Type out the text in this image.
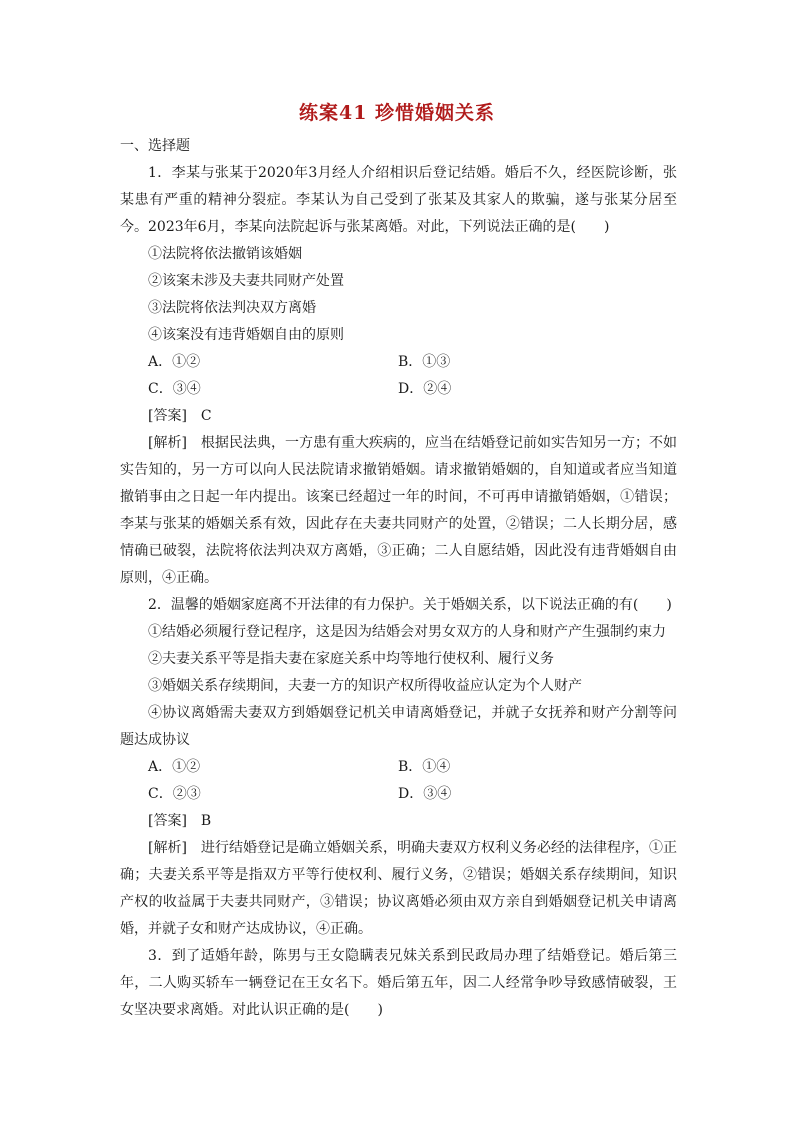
练案41 珍惜婚姻关系

一、选择题

1．李某与张某于2020年3月经人介绍相识后登记结婚。婚后不久，经医院诊断，张某患有严重的精神分裂症。李某认为自己受到了张某及其家人的欺骗，遂与张某分居至今。2023年6月，李某向法院起诉与张某离婚。对此，下列说法正确的是(　　)

①法院将依法撤销该婚姻

②该案未涉及夫妻共同财产处置

③法院将依法判决双方离婚

④该案没有违背婚姻自由的原则

A．①②	B．①③
C．③④	D．②④

[答案]　C

[解析]　根据民法典，一方患有重大疾病的，应当在结婚登记前如实告知另一方；不如实告知的，另一方可以向人民法院请求撤销婚姻。请求撤销婚姻的，自知道或者应当知道撤销事由之日起一年内提出。该案已经超过一年的时间，不可再申请撤销婚姻，①错误；李某与张某的婚姻关系有效，因此存在夫妻共同财产的处置，②错误；二人长期分居，感情确已破裂，法院将依法判决双方离婚，③正确；二人自愿结婚，因此没有违背婚姻自由原则，④正确。

2．温馨的婚姻家庭离不开法律的有力保护。关于婚姻关系，以下说法正确的有(　　)

①结婚必须履行登记程序，这是因为结婚会对男女双方的人身和财产产生强制约束力

②夫妻关系平等是指夫妻在家庭关系中均等地行使权利、履行义务

③婚姻关系存续期间，夫妻一方的知识产权所得收益应认定为个人财产

④协议离婚需夫妻双方到婚姻登记机关申请离婚登记，并就子女抚养和财产分割等问题达成协议

A．①②	B．①④
C．②③	D．③④

[答案]　B

[解析]　进行结婚登记是确立婚姻关系，明确夫妻双方权利义务必经的法律程序，①正确；夫妻关系平等是指双方平等行使权利、履行义务，②错误；婚姻关系存续期间，知识产权的收益属于夫妻共同财产，③错误；协议离婚必须由双方亲自到婚姻登记机关申请离婚，并就子女和财产达成协议，④正确。

3．到了适婚年龄，陈男与王女隐瞒表兄妹关系到民政局办理了结婚登记。婚后第三年，二人购买轿车一辆登记在王女名下。婚后第五年，因二人经常争吵导致感情破裂，王女坚决要求离婚。对此认识正确的是(　　)
